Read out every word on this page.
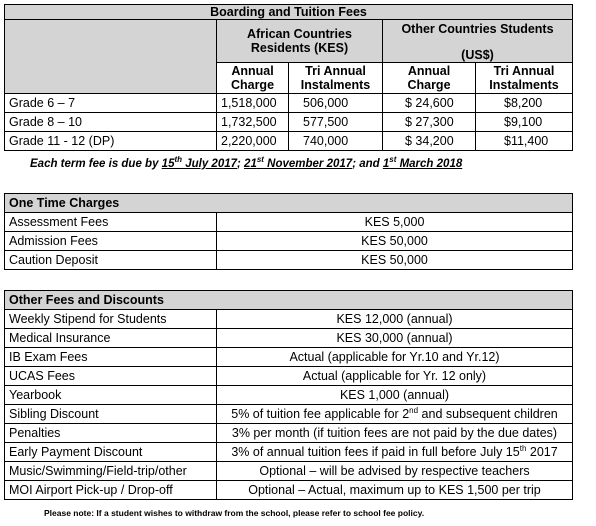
Boarding and Tuition Fees				
	African Countries Residents (KES)		Other Countries Students
(US$)	

	Annual Charge	Tri Annual Instalments	Annual Charge	Tri Annual Instalments
Grade 6 – 7	1,518,000	506,000	$ 24,600	$8,200
Grade 8 – 10	1,732,500	577,500	$ 27,300	$9,100
Grade 11 - 12 (DP)	2,220,000	740,000	$ 34,200	$11,400
Each term fee is due by 15th July 2017; 21st November 2017; and 1st March 2018
One Time Charges	
Assessment Fees	KES 5,000
Admission Fees	KES 50,000
Caution Deposit	KES 50,000
Other Fees and Discounts	
Weekly Stipend for Students	KES 12,000 (annual)
Medical Insurance	KES 30,000 (annual)
IB Exam Fees	Actual (applicable for Yr.10 and Yr.12)
UCAS Fees	Actual (applicable for Yr. 12 only)
Yearbook	KES 1,000 (annual)
Sibling Discount	5% of tuition fee applicable for 2nd and subsequent children
Penalties	3% per month (if tuition fees are not paid by the due dates)
Early Payment Discount	3% of annual tuition fees if paid in full before July 15th 2017
Music/Swimming/Field-trip/other	Optional – will be advised by respective teachers
MOI Airport Pick-up / Drop-off	Optional – Actual, maximum up to KES 1,500 per trip
Please note: If a student wishes to withdraw from the school, please refer to school fee policy.
